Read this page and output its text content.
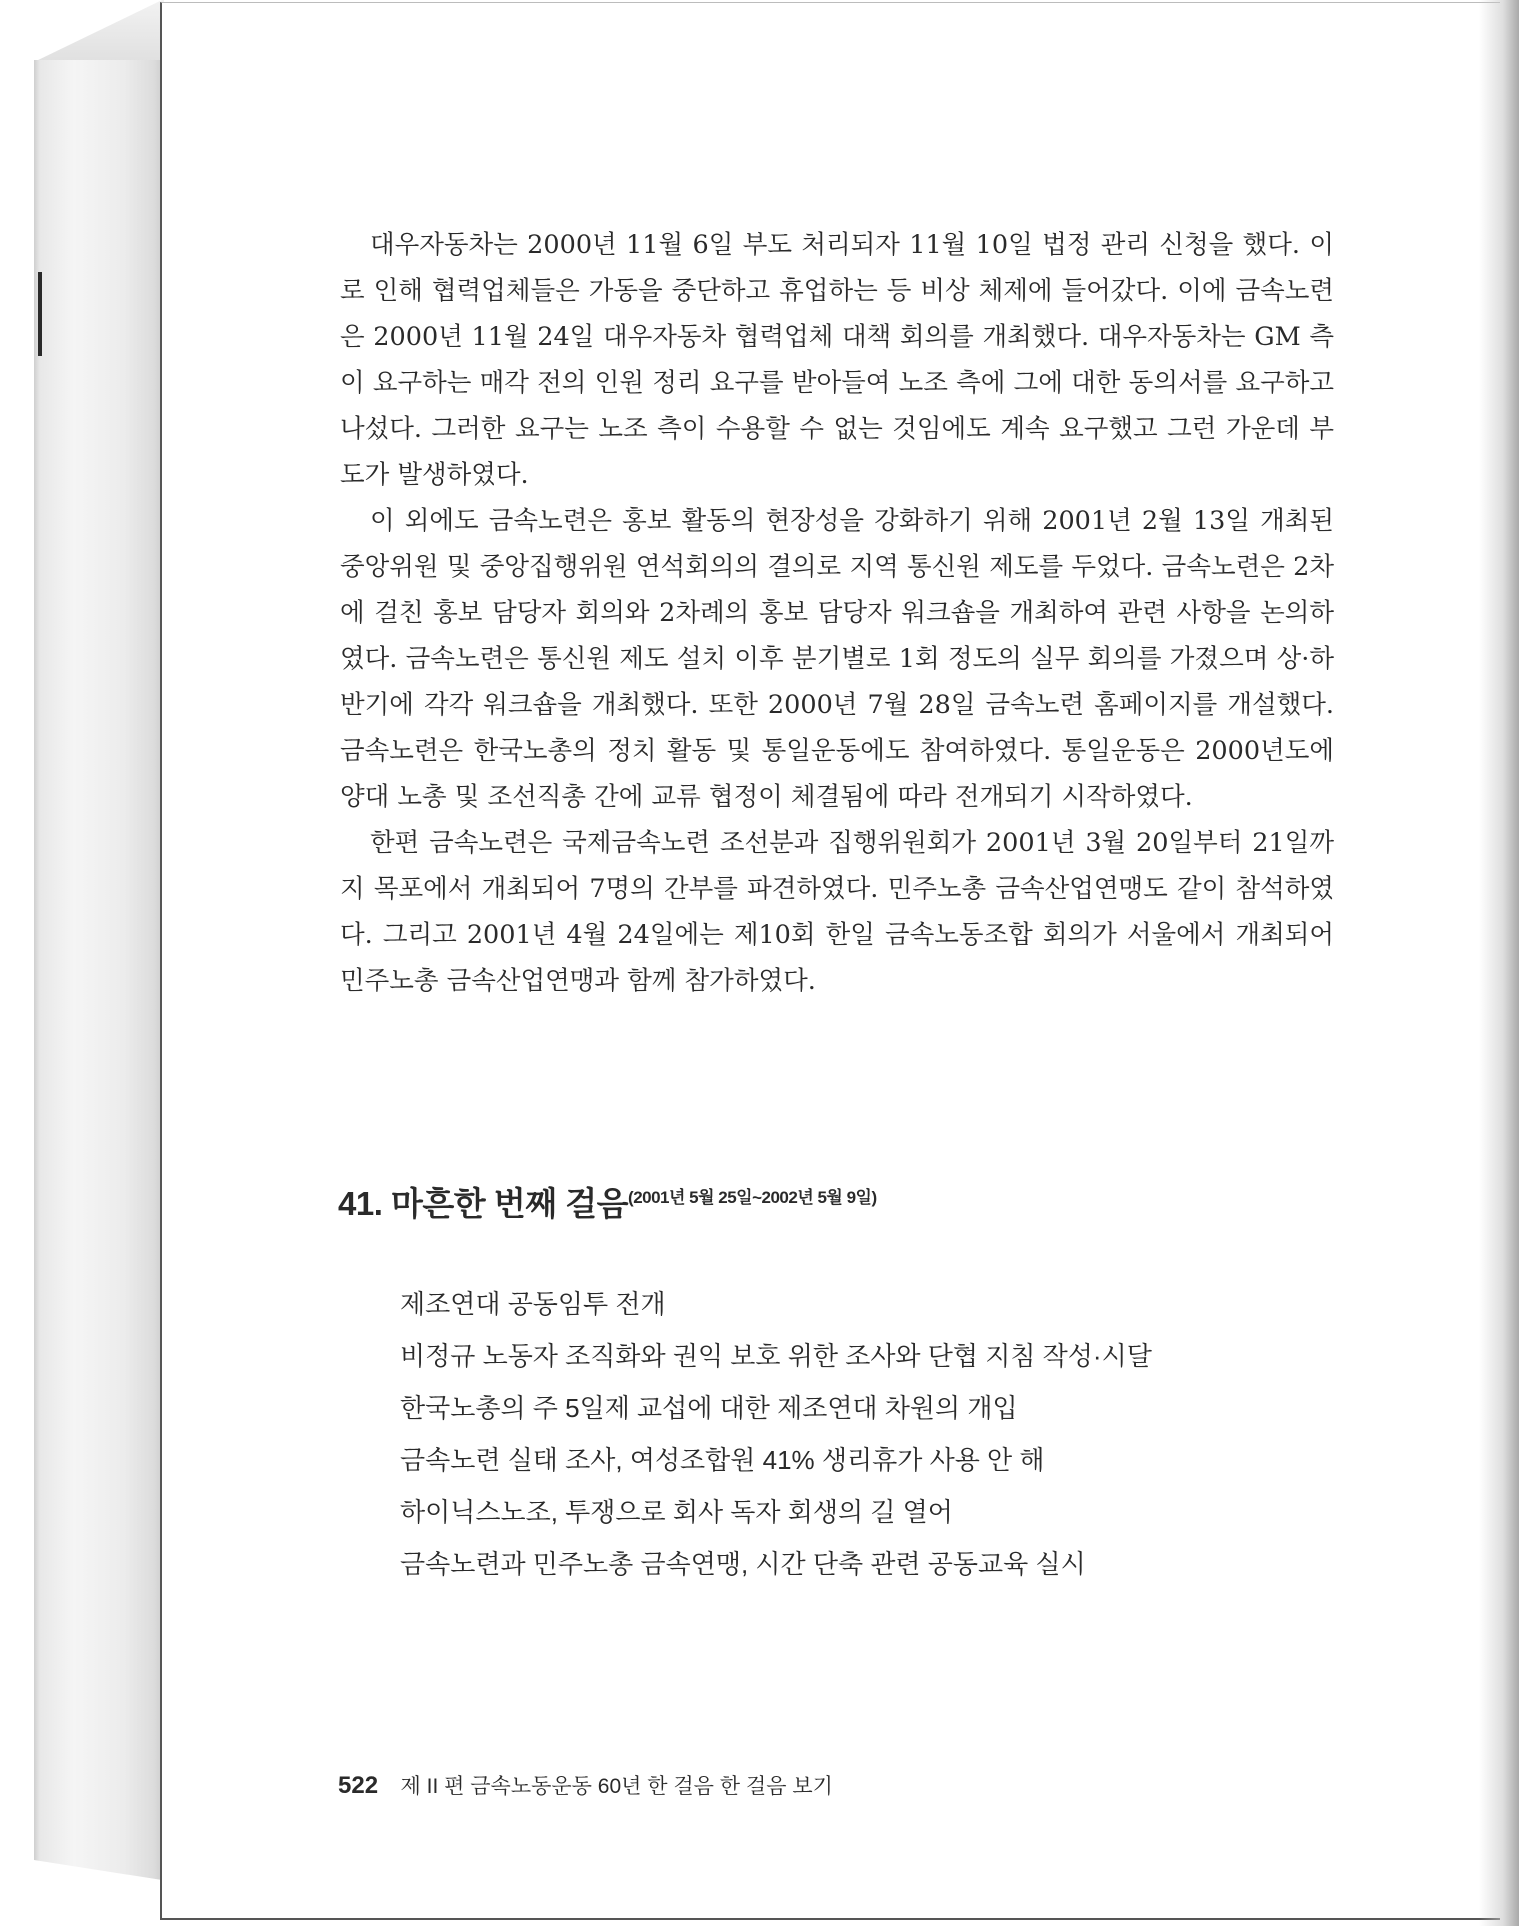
대우자동차는 2000년 11월 6일 부도 처리되자 11월 10일 법정 관리 신청을 했다. 이로 인해 협력업체들은 가동을 중단하고 휴업하는 등 비상 체제에 들어갔다. 이에 금속노련은 2000년 11월 24일 대우자동차 협력업체 대책 회의를 개최했다. 대우자동차는 GM 측이 요구하는 매각 전의 인원 정리 요구를 받아들여 노조 측에 그에 대한 동의서를 요구하고 나섰다. 그러한 요구는 노조 측이 수용할 수 없는 것임에도 계속 요구했고 그런 가운데 부도가 발생하였다.

이 외에도 금속노련은 홍보 활동의 현장성을 강화하기 위해 2001년 2월 13일 개최된 중앙위원 및 중앙집행위원 연석회의의 결의로 지역 통신원 제도를 두었다. 금속노련은 2차에 걸친 홍보 담당자 회의와 2차례의 홍보 담당자 워크숍을 개최하여 관련 사항을 논의하였다. 금속노련은 통신원 제도 설치 이후 분기별로 1회 정도의 실무 회의를 가졌으며 상·하반기에 각각 워크숍을 개최했다. 또한 2000년 7월 28일 금속노련 홈페이지를 개설했다. 금속노련은 한국노총의 정치 활동 및 통일운동에도 참여하였다. 통일운동은 2000년도에 양대 노총 및 조선직총 간에 교류 협정이 체결됨에 따라 전개되기 시작하였다.

한편 금속노련은 국제금속노련 조선분과 집행위원회가 2001년 3월 20일부터 21일까지 목포에서 개최되어 7명의 간부를 파견하였다. 민주노총 금속산업연맹도 같이 참석하였다. 그리고 2001년 4월 24일에는 제10회 한일 금속노동조합 회의가 서울에서 개최되어 민주노총 금속산업연맹과 함께 참가하였다.

41. 마흔한 번째 걸음$^{(2001년 5월 25일\sim 2002년 5월 9일)}$
제조연대 공동임투 전개
비정규 노동자 조직화와 권익 보호 위한 조사와 단협 지침 작성·시달
한국노총의 주 5일제 교섭에 대한 제조연대 차원의 개입
금속노련 실태 조사, 여성조합원 41% 생리휴가 사용 안 해
하이닉스노조, 투쟁으로 회사 독자 회생의 길 열어
금속노련과 민주노총 금속연맹, 시간 단축 관련 공동교육 실시
522 제 II 편 금속노동운동 60년 한 걸음 한 걸음 보기
